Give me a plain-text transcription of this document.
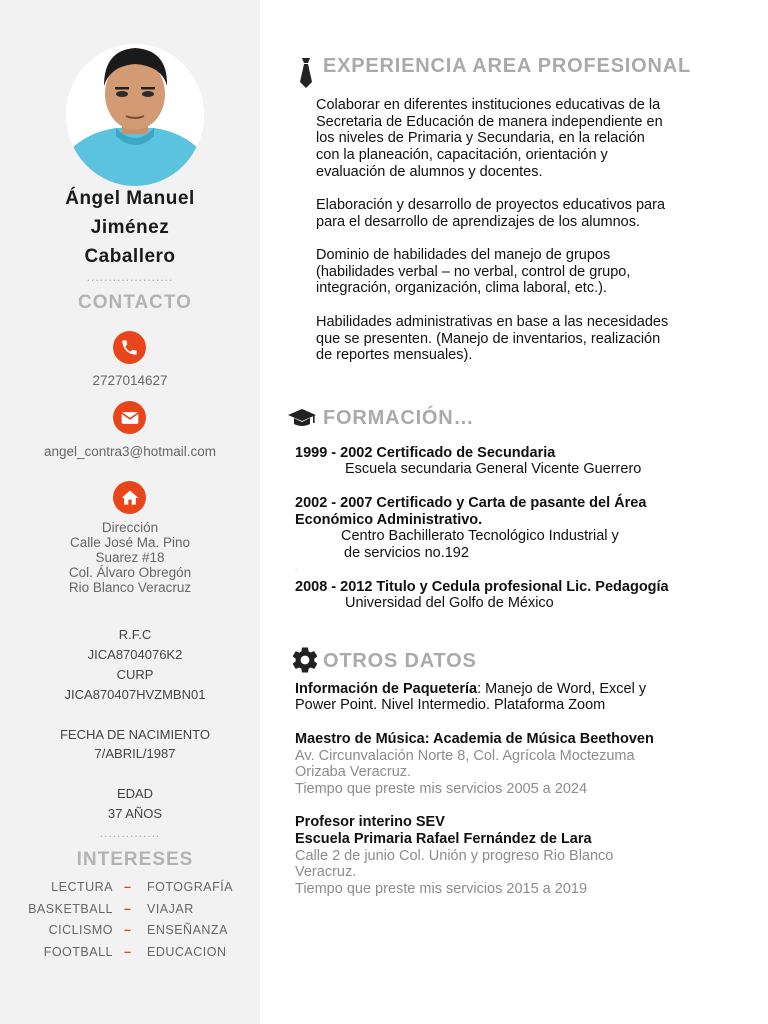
Ángel Manuel
Jiménez
Caballero
....................
CONTACTO
2727014627
angel_contra3@hotmail.com
Dirección
Calle José Ma. Pino
Suarez #18
Col. Álvaro Obregón
Rio Blanco Veracruz
R.F.C
JICA8704076K2
CURP
JICA870407HVZMBN01
FECHA DE NACIMIENTO
7/ABRIL/1987
EDAD
37 AÑOS
..............
INTERESES
LECTURA – FOTOGRAFÍA
BASKETBALL – VIAJAR
CICLISMO – ENSEÑANZA
FOOTBALL – EDUCACION
EXPERIENCIA AREA PROFESIONAL
Colaborar en diferentes instituciones educativas de la
Secretaria de Educación de manera independiente en
los niveles de Primaria y Secundaria, en la relación
con la planeación, capacitación, orientación y
evaluación de alumnos y docentes.
Elaboración y desarrollo de proyectos educativos para
para el desarrollo de aprendizajes de los alumnos.
Dominio de habilidades del manejo de grupos
(habilidades verbal – no verbal, control de grupo,
integración, organización, clima laboral, etc.).
Habilidades administrativas en base a las necesidades
que se presenten. (Manejo de inventarios, realización
de reportes mensuales).
FORMACIÓN…
1999 - 2002 Certificado de Secundaria
Escuela secundaria General Vicente Guerrero
2002 - 2007 Certificado y Carta de pasante del Área
Económico Administrativo.
Centro Bachillerato Tecnológico Industrial y
de servicios no.192
.
2008 - 2012 Titulo y Cedula profesional Lic. Pedagogía
Universidad del Golfo de México
OTROS DATOS
Información de Paquetería: Manejo de Word, Excel y
Power Point. Nivel Intermedio. Plataforma Zoom
Maestro de Música: Academia de Música Beethoven
Av. Circunvalación Norte 8, Col. Agrícola Moctezuma
Orizaba Veracruz.
Tiempo que preste mis servicios 2005 a 2024
Profesor interino SEV
Escuela Primaria Rafael Fernández de Lara
Calle 2 de junio Col. Unión y progreso Rio Blanco
Veracruz.
Tiempo que preste mis servicios 2015 a 2019
